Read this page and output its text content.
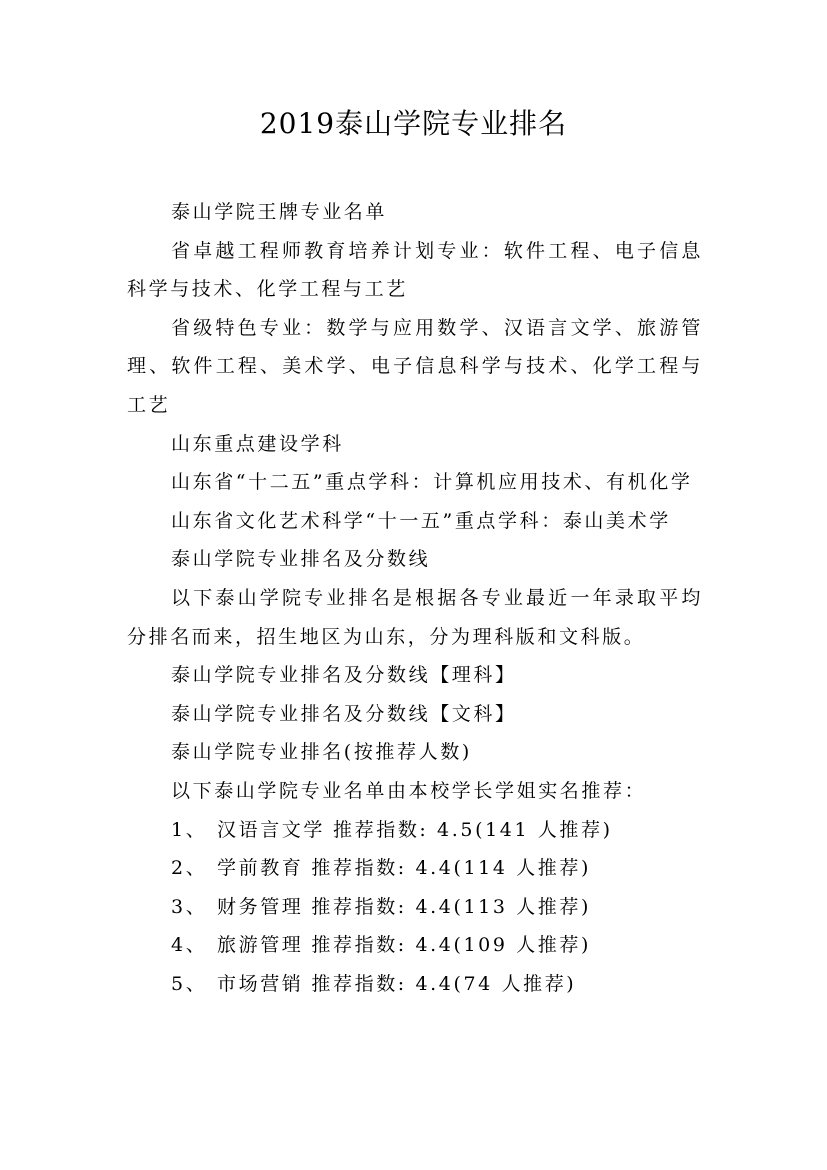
2019泰山学院专业排名

泰山学院王牌专业名单

省卓越工程师教育培养计划专业：软件工程、电子信息科学与技术、化学工程与工艺

省级特色专业：数学与应用数学、汉语言文学、旅游管理、软件工程、美术学、电子信息科学与技术、化学工程与工艺

山东重点建设学科

山东省“十二五”重点学科：计算机应用技术、有机化学

山东省文化艺术科学“十一五”重点学科：泰山美术学

泰山学院专业排名及分数线

以下泰山学院专业排名是根据各专业最近一年录取平均分排名而来，招生地区为山东，分为理科版和文科版。

泰山学院专业排名及分数线【理科】

泰山学院专业排名及分数线【文科】

泰山学院专业排名(按推荐人数)

以下泰山学院专业名单由本校学长学姐实名推荐：

1、 汉语言文学 推荐指数: 4.5(141 人推荐)
2、 学前教育 推荐指数: 4.4(114 人推荐)
3、 财务管理 推荐指数: 4.4(113 人推荐)
4、 旅游管理 推荐指数: 4.4(109 人推荐)
5、 市场营销 推荐指数: 4.4(74 人推荐)
